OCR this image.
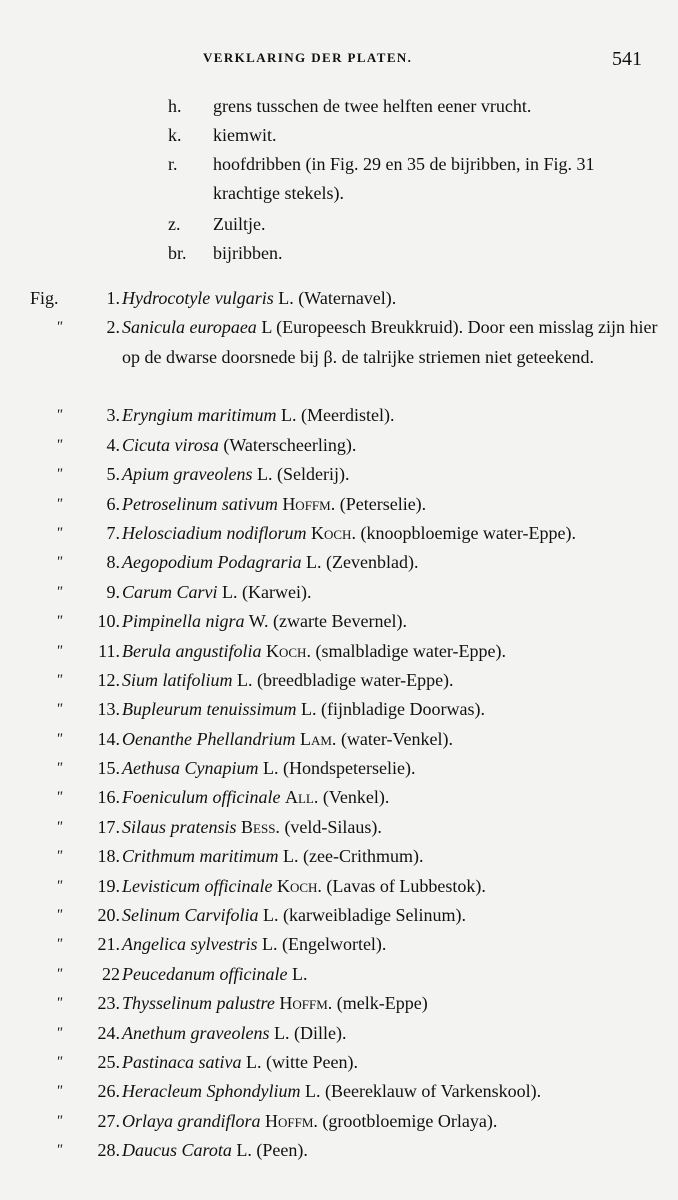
VERKLARING DER PLATEN.	541
h.	grens tusschen de twee helften eener vrucht.
k.	kiemwit.
r.	hoofdribben (in Fig. 29 en 35 de bijribben, in Fig. 31 krachtige stekels).
z.	Zuiltje.
br.	bijribben.
Fig.	1. Hydrocotyle vulgaris L. (Waternavel).
"	2. Sanicula europaea L (Europeesch Breukkruid). Door een misslag zijn hier op de dwarse doorsnede bij β. de talrijke striemen niet geteekend.
"	3. Eryngium maritimum L. (Meerdistel).
"	4. Cicuta virosa (Waterscheerling).
"	5. Apium graveolens L. (Selderij).
"	6. Petroselinum sativum Hoffm. (Peterselie).
"	7. Helosciadium nodiflorum Koch. (knoopbloemige water-Eppe).
"	8. Aegopodium Podagraria L. (Zevenblad).
"	9. Carum Carvi L. (Karwei).
"	10. Pimpinella nigra W. (zwarte Bevernel).
"	11. Berula angustifolia Koch. (smalbladige water-Eppe).
"	12. Sium latifolium L. (breedbladige water-Eppe).
"	13. Bupleurum tenuissimum L. (fijnbladige Doorwas).
"	14. Oenanthe Phellandrium Lam. (water-Venkel).
"	15. Aethusa Cynapium L. (Hondspeterselie).
"	16. Foeniculum officinale All. (Venkel).
"	17. Silaus pratensis Bess. (veld-Silaus).
"	18. Crithmum maritimum L. (zee-Crithmum).
"	19. Levisticum officinale Koch. (Lavas of Lubbestok).
"	20. Selinum Carvifolia L. (karweibladige Selinum).
"	21. Angelica sylvestris L. (Engelwortel).
"	22 Peucedanum officinale L.
"	23. Thysselinum palustre Hoffm. (melk-Eppe)
"	24. Anethum graveolens L. (Dille).
"	25. Pastinaca sativa L. (witte Peen).
"	26. Heracleum Sphondylium L. (Beereklauw of Varkenskool).
"	27. Orlaya grandiflora Hoffm. (grootbloemige Orlaya).
"	28. Daucus Carota L. (Peen).
